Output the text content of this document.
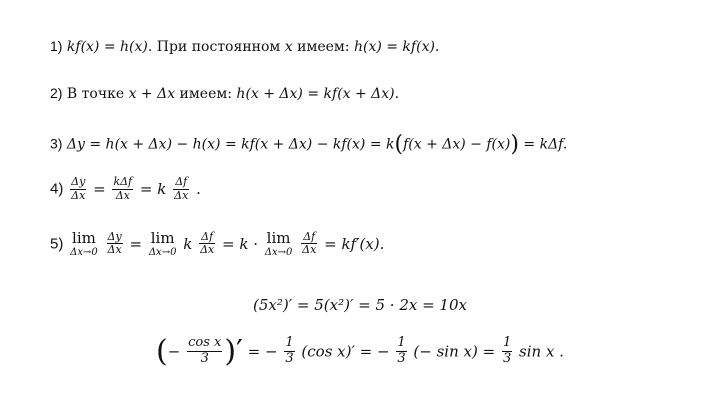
1) kf(x) = h(x). При постоянном x имеем: h(x) = kf(x).
2) В точке x + Δx имеем: h(x + Δx) = kf(x + Δx).
3) Δy = h(x + Δx) − h(x) = kf(x + Δx) − kf(x) = k(f(x + Δx) − f(x)) = kΔf.
$4) \frac{\Delta y}{\Delta x} = \frac{\text{kΔf}}{\Delta x} = k \frac{\Delta f}{\Delta x}$ .
5) lim
Δx→0
$\frac{\Delta y}{\Delta x} = \lim$
Δx→0 k $\frac{\Delta f}{\Delta x} = k \cdot \lim$
Δx→0
$\frac{\Delta f}{\Delta x} = kf'(x)$.
(5x²)′ = 5(x²)′ = 5 · 2x = 10x
(− $\frac{\text{cos x}}{3}$ )′ = − $\frac{1}{3} (\cos$ x)′ = − $\frac{1}{3}$ (− $\sin x) = \frac{1}{3}$ sin x .
